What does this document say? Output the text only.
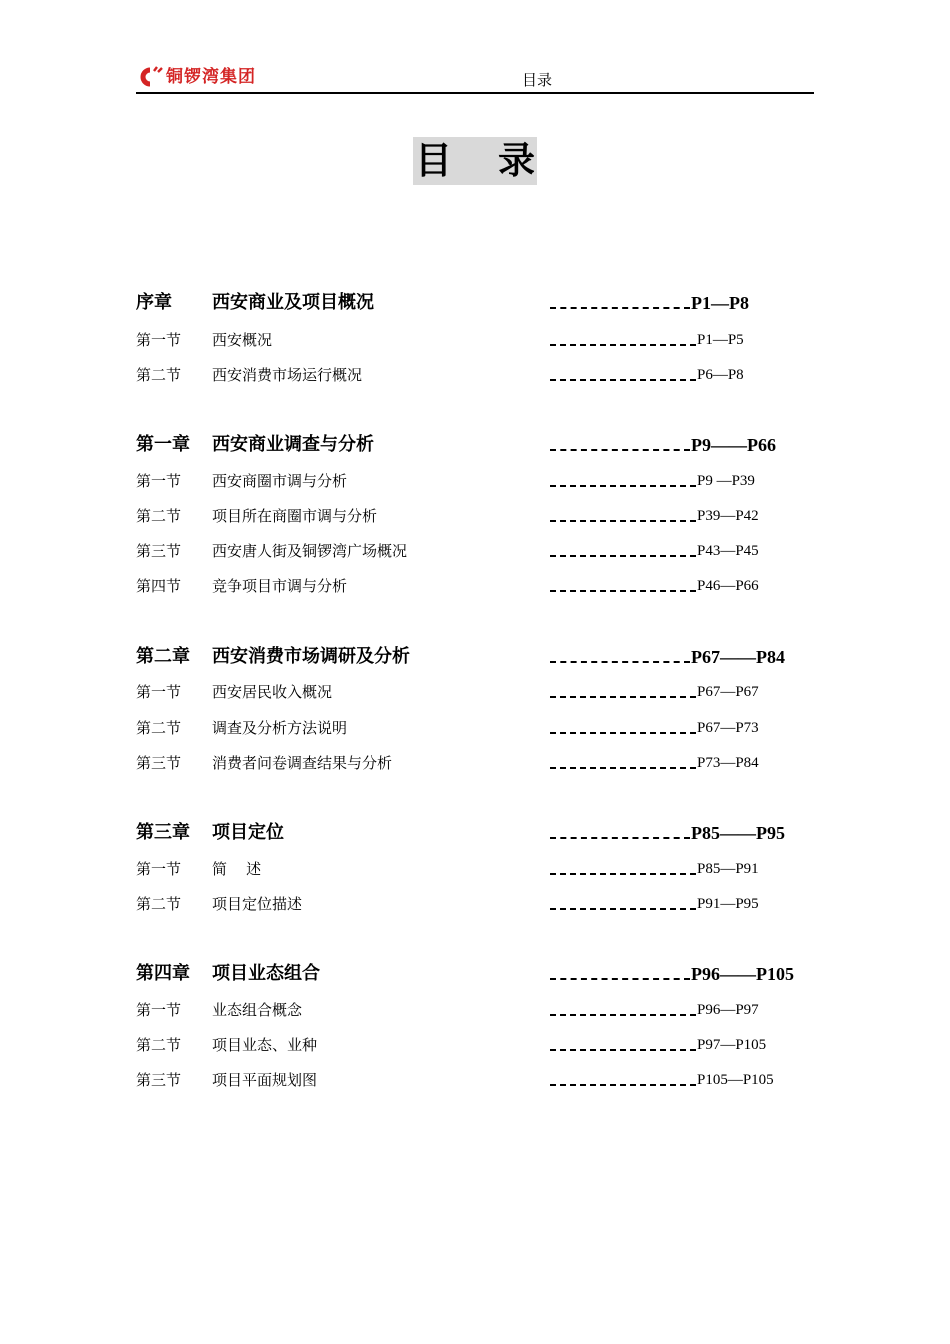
铜锣湾集团	目录
目录
序章 西安商业及项目概况	P1—P8
第一节 西安概况	P1—P5
第二节 西安消费市场运行概况	P6—P8
第一章 西安商业调查与分析	P9——P66
第一节 西安商圈市调与分析	P9 —P39
第二节 项目所在商圈市调与分析	P39—P42
第三节 西安唐人街及铜锣湾广场概况	P43—P45
第四节 竞争项目市调与分析	P46—P66
第二章 西安消费市场调研及分析	P67——P84
第一节 西安居民收入概况	P67—P67
第二节 调查及分析方法说明	P67—P73
第三节 消费者问卷调查结果与分析	P73—P84
第三章 项目定位	P85——P95
第一节 简    述	P85—P91
第二节 项目定位描述	P91—P95
第四章 项目业态组合	P96——P105
第一节 业态组合概念	P96—P97
第二节 项目业态、业种	P97—P105
第三节 项目平面规划图	P105—P105
